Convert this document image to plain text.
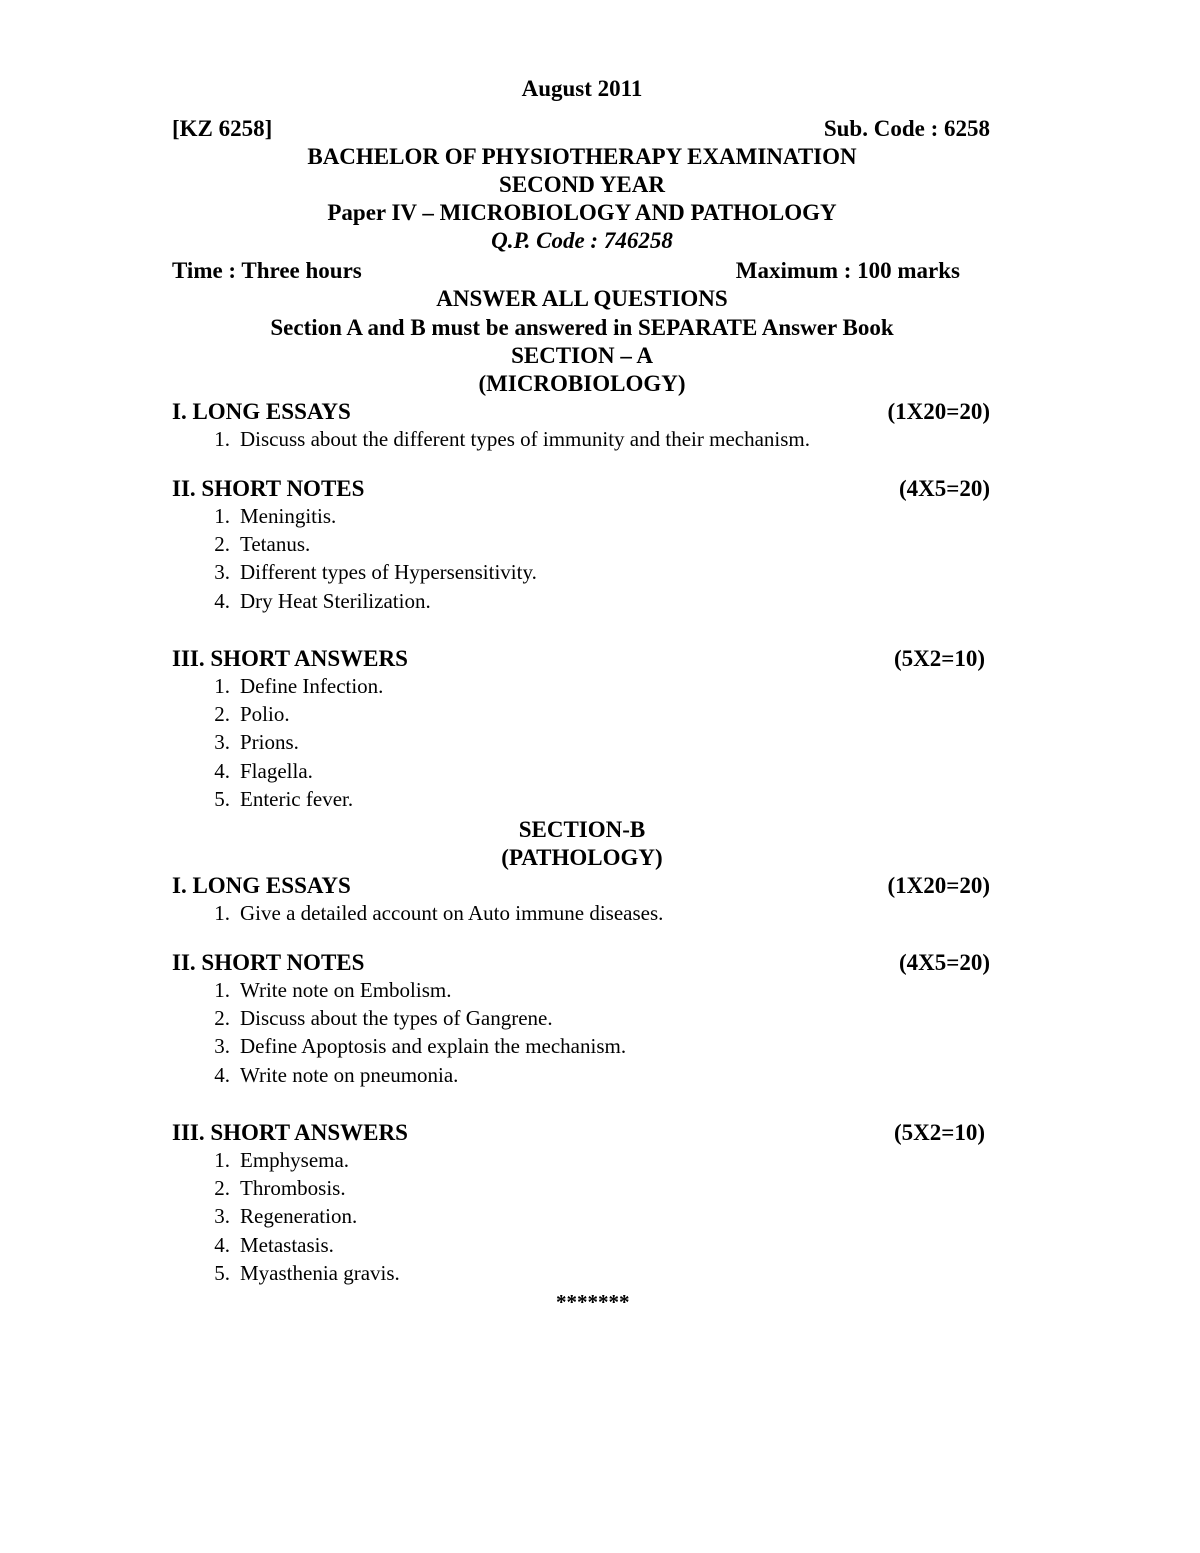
August 2011
[KZ 6258]	Sub. Code : 6258
BACHELOR OF PHYSIOTHERAPY EXAMINATION
SECOND YEAR
Paper IV – MICROBIOLOGY AND PATHOLOGY
Q.P. Code : 746258
Time : Three hours	Maximum : 100 marks
ANSWER ALL QUESTIONS
Section A and B must be answered in SEPARATE Answer Book
SECTION – A
(MICROBIOLOGY)
I. LONG ESSAYS	(1X20=20)
1. Discuss about the different types of immunity and their mechanism.
II. SHORT NOTES	(4X5=20)
1. Meningitis.
2. Tetanus.
3. Different types of Hypersensitivity.
4. Dry Heat Sterilization.
III. SHORT ANSWERS	(5X2=10)
1. Define Infection.
2. Polio.
3. Prions.
4. Flagella.
5. Enteric fever.
SECTION-B
(PATHOLOGY)
I. LONG ESSAYS	(1X20=20)
1. Give a detailed account on Auto immune diseases.
II. SHORT NOTES	(4X5=20)
1. Write note on Embolism.
2. Discuss about the types of Gangrene.
3. Define Apoptosis and explain the mechanism.
4. Write note on pneumonia.
III. SHORT ANSWERS	(5X2=10)
1. Emphysema.
2. Thrombosis.
3. Regeneration.
4. Metastasis.
5. Myasthenia gravis.
*******
